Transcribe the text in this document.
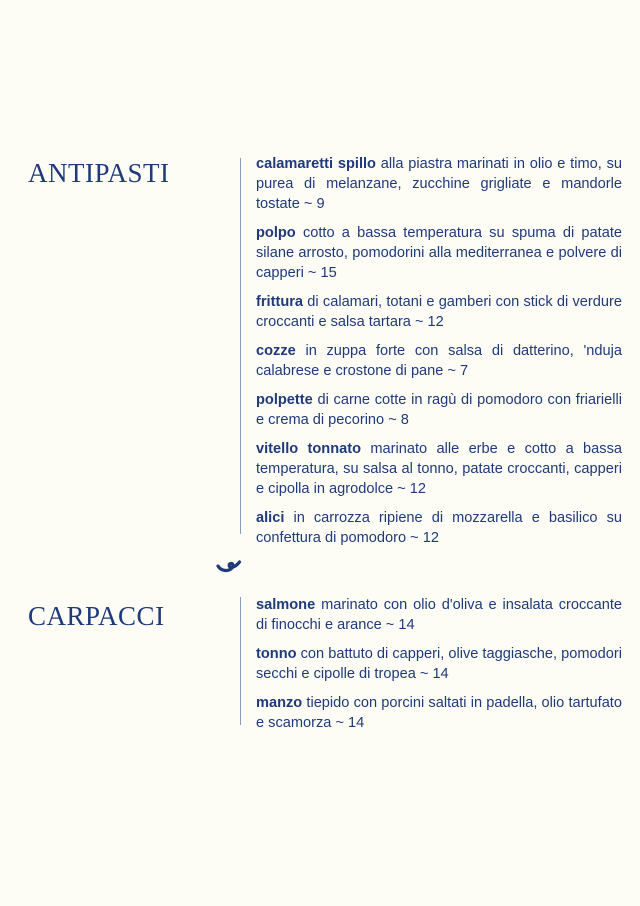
ANTIPASTI	calamaretti spillo alla piastra marinati in olio e timo, su purea di melanzane, zucchine grigliate e mandorle tostate ~ 9
polpo cotto a bassa temperatura su spuma di patate silane arrosto, pomodorini alla mediterranea e polvere di capperi ~ 15
frittura di calamari, totani e gamberi con stick di verdure croccanti e salsa tartara ~ 12
cozze in zuppa forte con salsa di datterino, 'nduja calabrese e crostone di pane ~ 7
polpette di carne cotte in ragù di pomodoro con friarielli e crema di pecorino ~ 8
vitello tonnato marinato alle erbe e cotto a bassa temperatura, su salsa al tonno, patate croccanti, capperi e cipolla in agrodolce ~ 12
alici in carrozza ripiene di mozzarella e basilico su confettura di pomodoro ~ 12
CARPACCI	salmone marinato con olio d'oliva e insalata croccante di finocchi e arance ~ 14
tonno con battuto di capperi, olive taggiasche, pomodori secchi e cipolle di tropea ~ 14
manzo tiepido con porcini saltati in padella, olio tartufato e scamorza ~ 14
